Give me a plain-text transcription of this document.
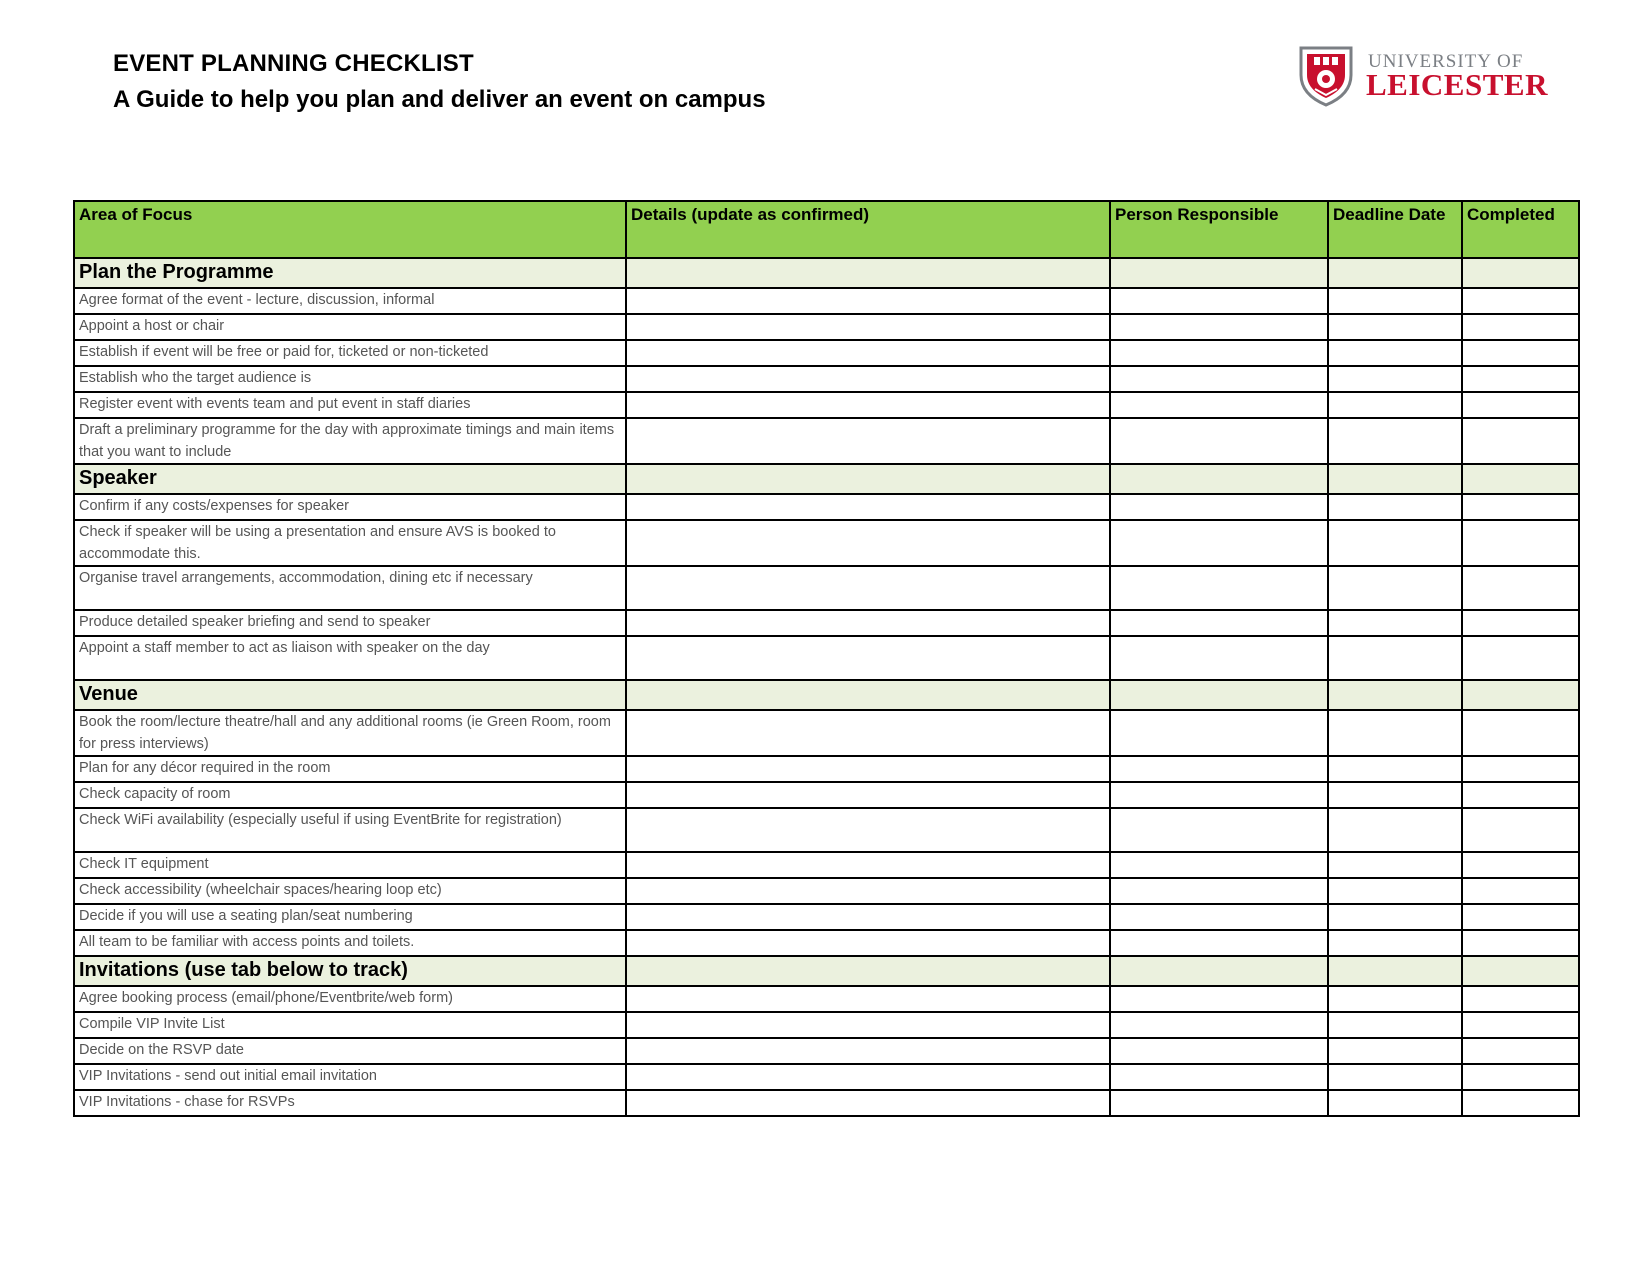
EVENT PLANNING CHECKLIST
A Guide to help you plan and deliver an event on campus
UNIVERSITY OF
LEICESTER
Area of Focus	Details (update as confirmed)	Person Responsible	Deadline Date	Completed
Plan the Programme				
Agree format of the event - lecture, discussion, informal				
Appoint a host or chair				
Establish if event will be free or paid for, ticketed or non-ticketed				
Establish who the target audience is				
Register event with events team and put event in staff diaries				
Draft a preliminary programme for the day with approximate timings and main items that you want to include				
Speaker				
Confirm if any costs/expenses for speaker				
Check if speaker will be using a presentation and ensure AVS is booked to accommodate this.				
Organise travel arrangements, accommodation, dining etc if necessary				
Produce detailed speaker briefing and send to speaker				
Appoint a staff member to act as liaison with speaker on the day				
Venue				
Book the room/lecture theatre/hall and any additional rooms (ie Green Room, room for press interviews)				
Plan for any décor required in the room				
Check capacity of room				
Check WiFi availability (especially useful if using EventBrite for registration)				
Check IT equipment				
Check accessibility (wheelchair spaces/hearing loop etc)				
Decide if you will use a seating plan/seat numbering				
All team to be familiar with access points and toilets.				
Invitations (use tab below to track)				
Agree booking process (email/phone/Eventbrite/web form)				
Compile VIP Invite List				
Decide on the RSVP date				
VIP Invitations - send out initial email invitation				
VIP Invitations - chase for RSVPs				
